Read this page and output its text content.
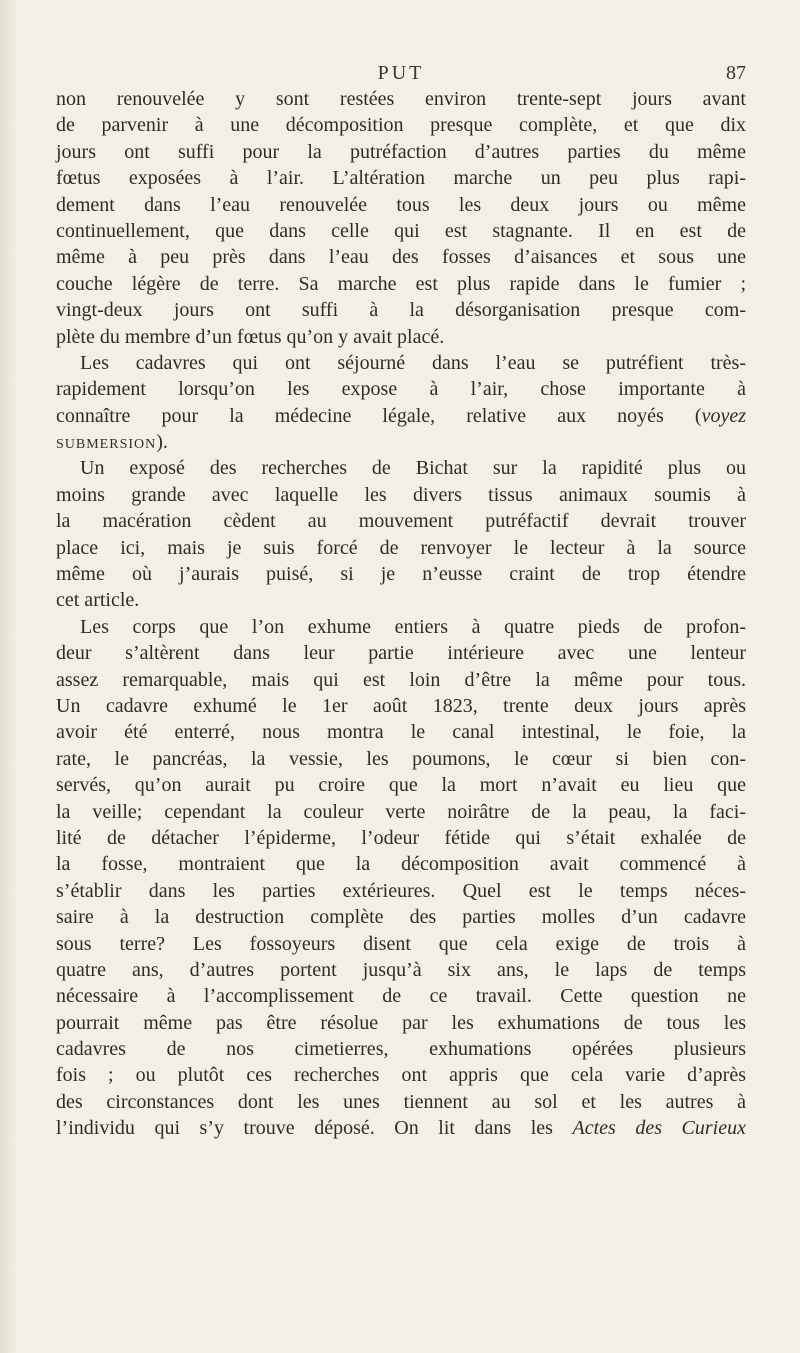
PUT	87
non renouvelée y sont restées environ trente-sept jours avant
de parvenir à une décomposition presque complète, et que dix
jours ont suffi pour la putréfaction d’autres parties du même
fœtus exposées à l’air. L’altération marche un peu plus rapi-
dement dans l’eau renouvelée tous les deux jours ou même
continuellement, que dans celle qui est stagnante. Il en est de
même à peu près dans l’eau des fosses d’aisances et sous une
couche légère de terre. Sa marche est plus rapide dans le fumier ;
vingt-deux jours ont suffi à la désorganisation presque com-
plète du membre d’un fœtus qu’on y avait placé.
Les cadavres qui ont séjourné dans l’eau se putréfient très-
rapidement lorsqu’on les expose à l’air, chose importante à
connaître pour la médecine légale, relative aux noyés (voyez
submersion).
Un exposé des recherches de Bichat sur la rapidité plus ou
moins grande avec laquelle les divers tissus animaux soumis à
la macération cèdent au mouvement putréfactif devrait trouver
place ici, mais je suis forcé de renvoyer le lecteur à la source
même où j’aurais puisé, si je n’eusse craint de trop étendre
cet article.
Les corps que l’on exhume entiers à quatre pieds de profon-
deur s’altèrent dans leur partie intérieure avec une lenteur
assez remarquable, mais qui est loin d’être la même pour tous.
Un cadavre exhumé le 1er août 1823, trente deux jours après
avoir été enterré, nous montra le canal intestinal, le foie, la
rate, le pancréas, la vessie, les poumons, le cœur si bien con-
servés, qu’on aurait pu croire que la mort n’avait eu lieu que
la veille; cependant la couleur verte noirâtre de la peau, la faci-
lité de détacher l’épiderme, l’odeur fétide qui s’était exhalée de
la fosse, montraient que la décomposition avait commencé à
s’établir dans les parties extérieures. Quel est le temps néces-
saire à la destruction complète des parties molles d’un cadavre
sous terre? Les fossoyeurs disent que cela exige de trois à
quatre ans, d’autres portent jusqu’à six ans, le laps de temps
nécessaire à l’accomplissement de ce travail. Cette question ne
pourrait même pas être résolue par les exhumations de tous les
cadavres de nos cimetierres, exhumations opérées plusieurs
fois ; ou plutôt ces recherches ont appris que cela varie d’après
des circonstances dont les unes tiennent au sol et les autres à
l’individu qui s’y trouve déposé. On lit dans les Actes des Curieux
